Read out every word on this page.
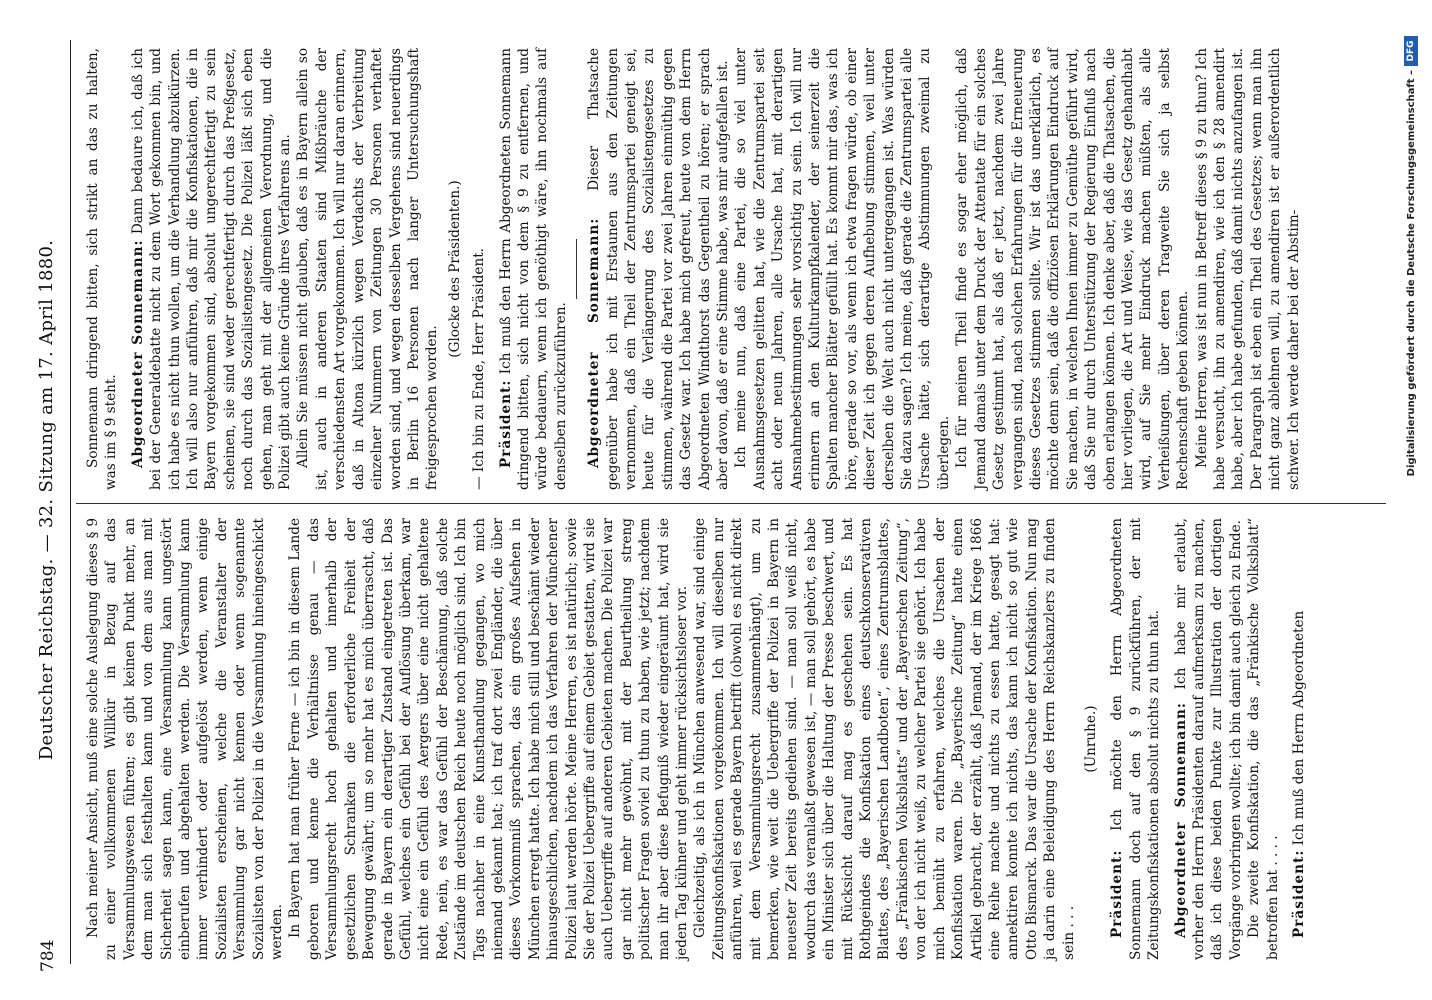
784
Deutscher Reichstag. — 32. Sitzung am 17. April 1880. Nach meiner Ansicht, muß eine solche Auslegung dieses § 9 zu einer vollkommenen Willkür in Bezug auf das Versammlungswesen führen; es gibt keinen Punkt mehr, an dem man sich festhalten kann und von dem aus man mit Sicherheit sagen kann, eine Versammlung kann ungestört einberufen und abgehalten werden. Die Versammlung kann immer verhindert oder aufgelöst werden, wenn einige Sozialisten erscheinen, welche die Veranstalter der Versammlung gar nicht kennen oder wenn sogenannte Sozialisten von der Polizei in die Versammlung hineingeschickt werden. In Bayern hat man früher Ferne — ich bin in diesem Lande geboren und kenne die Verhältnisse genau — das Versammlungsrecht hoch gehalten und innerhalb der gesetzlichen Schranken die erforderliche Freiheit der Bewegung gewährt; um so mehr hat es mich überrascht, daß gerade in Bayern ein derartiger Zustand eingetreten ist. Das Gefühl, welches ein Gefühl bei der Auflösung überkam, war nicht eine ein Gefühl des Aergers über eine nicht gehaltene Rede, nein, es war das Gefühl der Beschämung, daß solche Zustände im deutschen Reich heute noch möglich sind. Ich bin Tags nachher in eine Kunsthandlung gegangen, wo mich niemand gekannt hat; ich traf dort zwei Engländer, die über dieses Vorkommniß sprachen, das ein großes Aufsehen in München erregt hatte. Ich habe mich still und beschämt wieder hinausgeschlichen, nachdem ich das Verfahren der Münchener Polizei laut werden hörte. Meine Herren, es ist natürlich; sowie Sie der Polizei Uebergriffe auf einem Gebiet gestatten, wird sie auch Uebergriffe auf anderen Gebieten machen. Die Polizei war gar nicht mehr gewöhnt, mit der Beurtheilung streng politischer Fragen soviel zu thun zu haben, wie jetzt; nachdem man ihr aber diese Befugniß wieder eingeräumt hat, wird sie jeden Tag kühner und geht immer rücksichtsloser vor. Gleichzeitig, als ich in München anwesend war, sind einige Zeitungskonfiskationen vorgekommen. Ich will dieselben nur anführen, weil es gerade Bayern betrifft (obwohl es nicht direkt mit dem Versammlungsrecht zusammenhängt), um zu bemerken, wie weit die Uebergriffe der Polizei in Bayern in neuester Zeit bereits gediehen sind. — man soll weiß nicht, wodurch das veranlaßt gewesen ist, — man soll gehört, es habe ein Minister sich über die Haltung der Presse beschwert, und mit Rücksicht darauf mag es geschehen sein. Es hat Rothgeindes die Konfiskation eines deutschkonservativen Blattes, des „Bayerischen Landboten“, eines Zentrumsblattes, des „Fränkischen Volksblatts“ und der „Bayerischen Zeitung“, von der ich nicht weiß, zu welcher Partei sie gehört. Ich habe mich bemüht zu erfahren, welches die Ursachen der Konfiskation waren. Die „Bayerische Zeitung“ hatte einen Artikel gebracht, der erzählt, daß Jemand, der im Kriege 1866 eine Reihe machte und nichts zu essen hatte, gesagt hat: annektiren konnte ich nichts, das kann ich nicht so gut wie Otto Bismarck. Das war die Ursache der Konfiskation. Nun mag ja darin eine Beleidigung des Herrn Reichskanzlers zu finden sein . . .

(Unruhe.)

Präsident: Ich möchte den Herrn Abgeordneten Sonnemann doch auf den § 9 zurückführen, der mit Zeitungskonfiskationen absolut nichts zu thun hat. Abgeordneter Sonnemann: Ich habe mir erlaubt, vorher den Herrn Präsidenten darauf aufmerksam zu machen, daß ich diese beiden Punkte zur Illustration der dortigen Vorgänge vorbringen wollte; ich bin damit auch gleich zu Ende. Die zweite Konfiskation, die das „Fränkische Volksblatt“ betroffen hat . . . . Präsident: Ich muß den Herrn Abgeordneten

Sonnemann dringend bitten, sich strikt an das zu halten, was im § 9 steht. Abgeordneter Sonnemann: Dann bedaure ich, daß ich bei der Generaldebatte nicht zu dem Wort gekommen bin, und ich habe es nicht thun wollen, um die Verhandlung abzukürzen. Ich will also nur anführen, daß mir die Konfiskationen, die in Bayern vorgekommen sind, absolut ungerechtfertigt zu sein scheinen, sie sind weder gerechtfertigt durch das Preßgesetz, noch durch das Sozialistengesetz. Die Polizei läßt sich eben gehen, man geht mit der allgemeinen Verordnung, und die Polizei gibt auch keine Gründe ihres Verfahrens an. Allein Sie müssen nicht glauben, daß es in Bayern allein so ist, auch in anderen Staaten sind Mißbräuche der verschiedensten Art vorgekommen. Ich will nur daran erinnern, daß in Altona kürzlich wegen Verdachts der Verbreitung einzelner Nummern von Zeitungen 30 Personen verhaftet worden sind, und wegen desselben Vergehens sind neuerdings in Berlin 16 Personen nach langer Untersuchungshaft freigesprochen worden.

(Glocke des Präsidenten.) — Ich bin zu Ende, Herr Präsident. Präsident: Ich muß den Herrn Abgeordneten Sonnemann dringend bitten, sich nicht von dem § 9 zu entfernen, und würde bedauern, wenn ich genöthigt wäre, ihn nochmals auf denselben zurückzuführen. Abgeordneter Sonnemann: Dieser Thatsache gegenüber habe ich mit Erstaunen aus den Zeitungen vernommen, daß ein Theil der Zentrumspartei geneigt sei, heute für die Verlängerung des Sozialistengesetzes zu stimmen, während die Partei vor zwei Jahren einmüthig gegen das Gesetz war. Ich habe mich gefreut, heute von dem Herrn Abgeordneten Windthorst das Gegentheil zu hören; er sprach aber davon, daß er eine Stimme habe, was mir aufgefallen ist. Ich meine nun, daß eine Partei, die so viel unter Ausnahmsgesetzen gelitten hat, wie die Zentrumspartei seit acht oder neun Jahren, alle Ursache hat, mit derartigen Ansnahmebestimmungen sehr vorsichtig zu sein. Ich will nur erinnern an den Kulturkampfkalender, der seinerzeit die Spalten mancher Blätter gefüllt hat. Es kommt mir das, was ich höre, gerade so vor, als wenn ich etwa fragen würde, ob einer dieser Zeit ich gegen deren Aufhebung stimmen, weil unter derselben die Welt auch nicht untergegangen ist. Was würden Sie dazu sagen? Ich meine, daß gerade die Zentrumspartei alle Ursache hätte, sich derartige Abstimmungen zweimal zu überlegen. Ich für meinen Theil finde es sogar eher möglich, daß Jemand damals unter dem Druck der Attentate für ein solches Gesetz gestimmt hat, als daß er jetzt, nachdem zwei Jahre vergangen sind, nach solchen Erfahrungen für die Erneuerung dieses Gesetzes stimmen sollte. Wir ist das unerklärlich, es möchte denn sein, daß die offiziösen Erklärungen Eindruck auf Sie machen, in welchen Ihnen immer zu Gemüthe geführt wird, daß Sie nur durch Unterstützung der Regierung Einfluß nach oben erlangen können. Ich denke aber, daß die Thatsachen, die hier vorliegen, die Art und Weise, wie das Gesetz gehandhabt wird, auf Sie mehr Eindruck machen müßten, als alle Verheißungen, über deren Tragweite Sie sich ja selbst Rechenschaft geben können. Meine Herren, was ist nun in Betreff dieses § 9 zu thun? Ich habe versucht, ihn zu amendiren, wie ich den § 28 amendirt habe, aber ich habe gefunden, daß damit nichts anzufangen ist. Der Paragraph ist eben ein Theil des Gesetzes; wenn man ihn nicht ganz ablehnen will, zu amendiren ist er außerordentlich schwer. Ich werde daher bei der Abstim-	Digitalisierung gefördert durch die Deutsche Forschungsgemeinschaft –
DFG
